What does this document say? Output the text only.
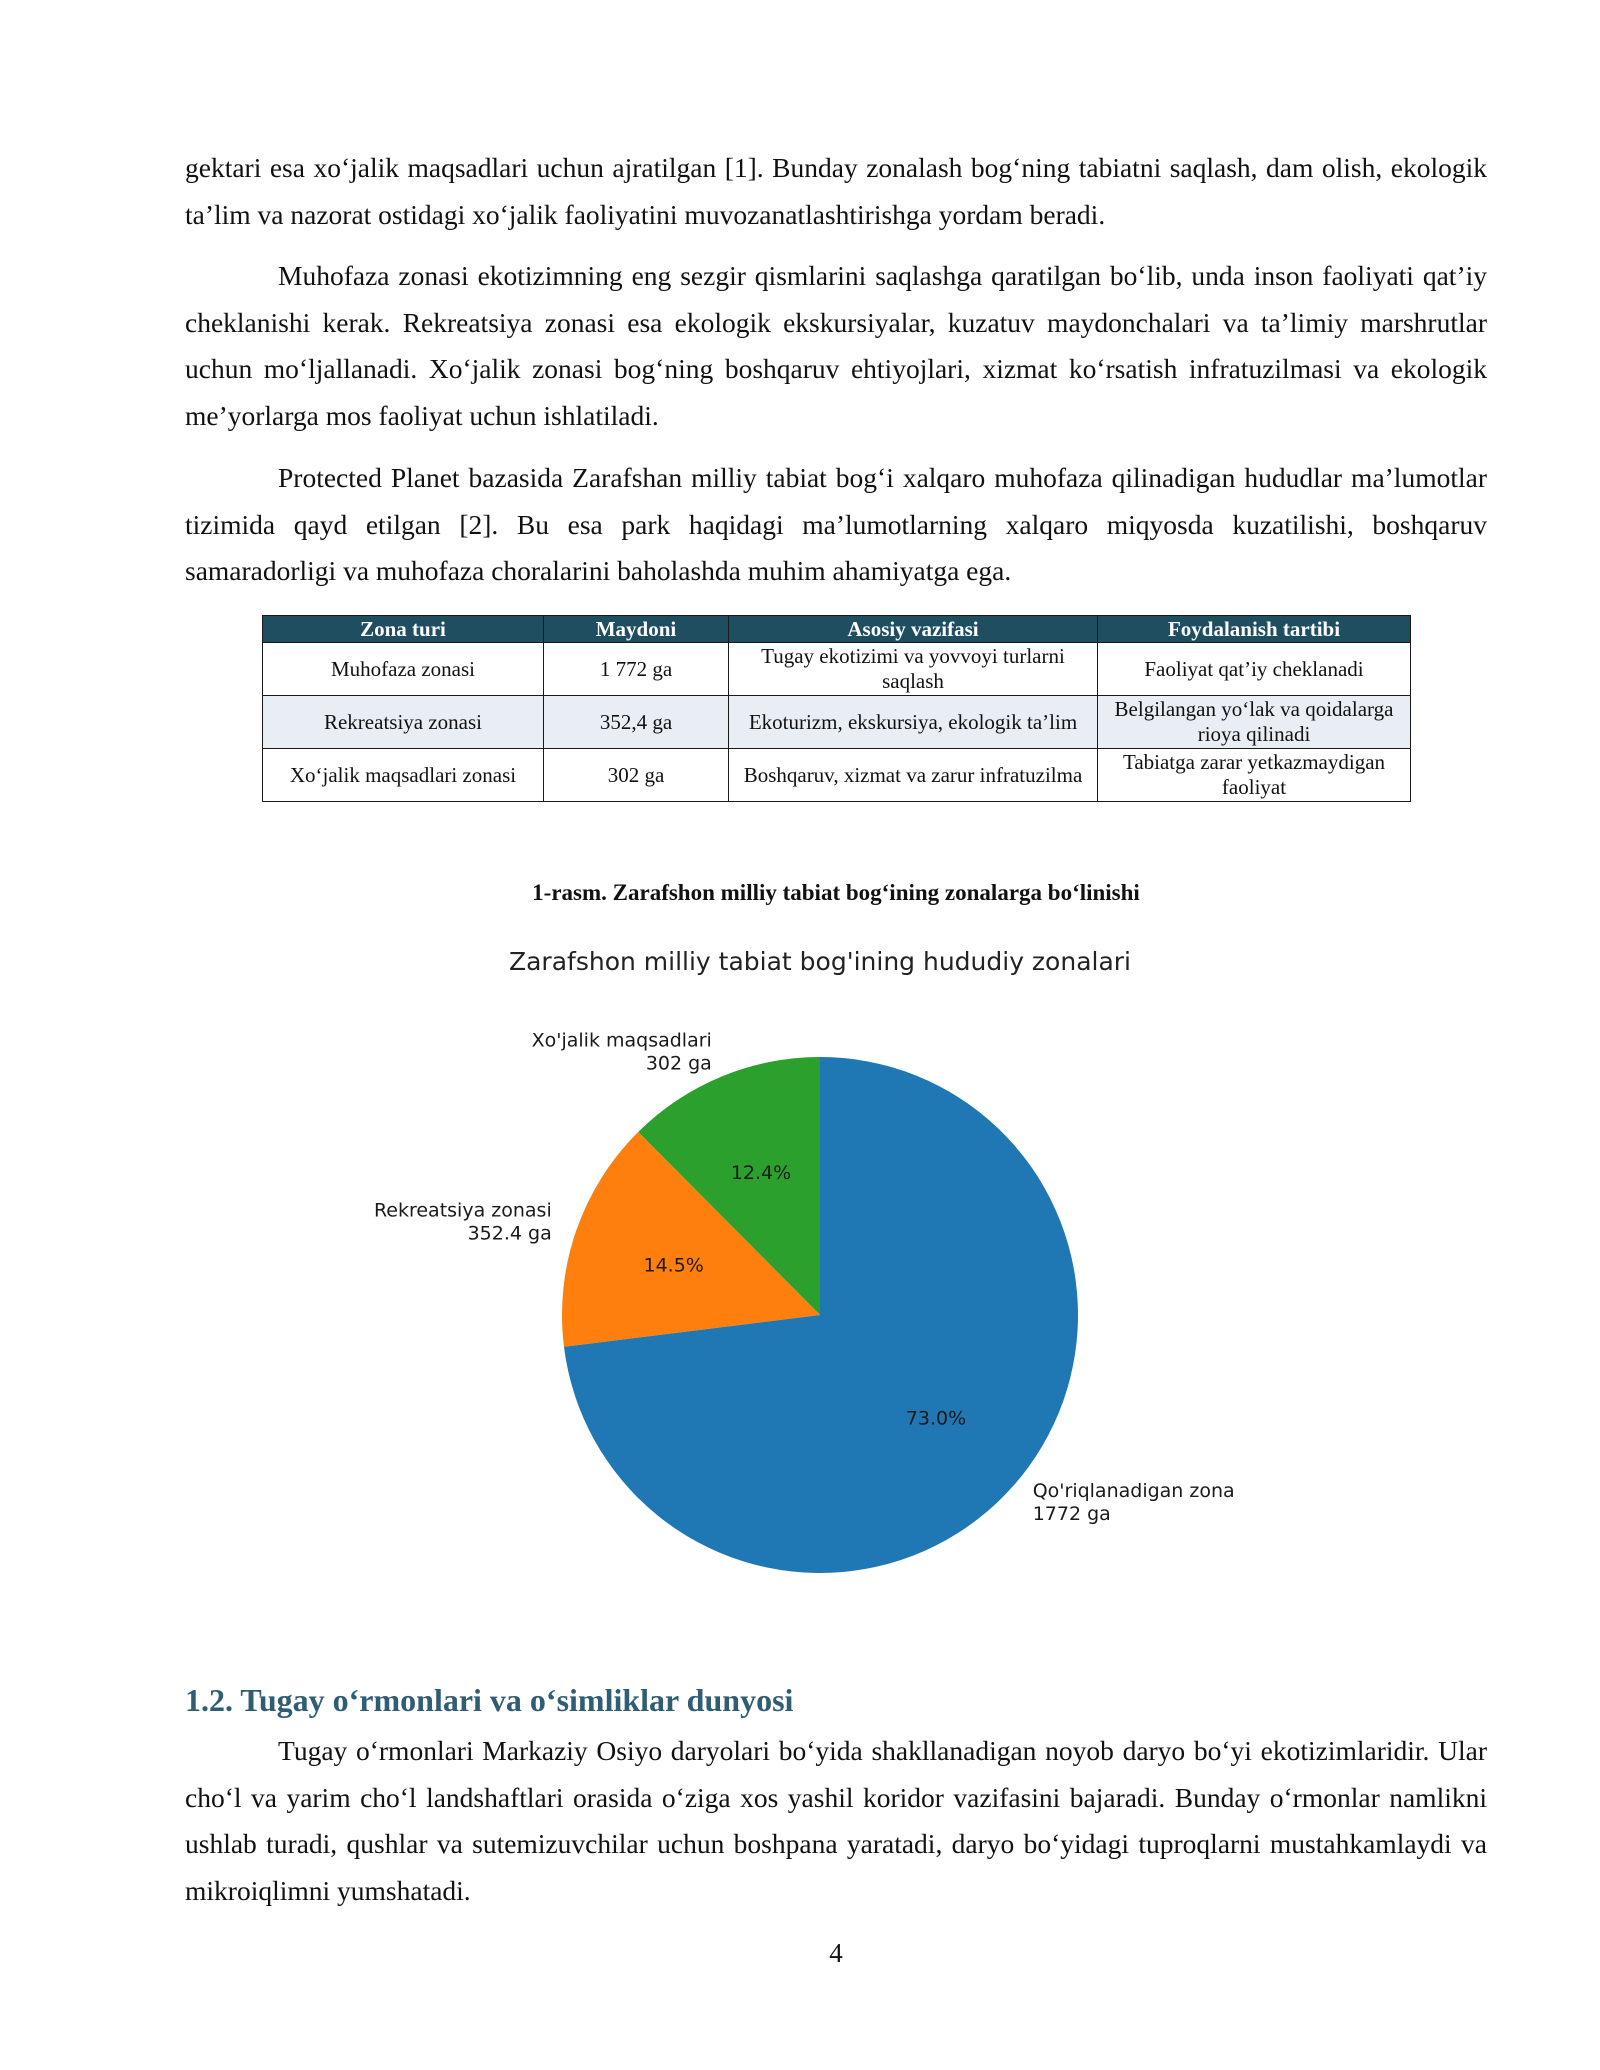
gektari esa xo‘jalik maqsadlari uchun ajratilgan [1]. Bunday zonalash bog‘ning tabiatni saqlash, dam olish, ekologik ta’lim va nazorat ostidagi xo‘jalik faoliyatini muvozanatlashtirishga yordam beradi.

Muhofaza zonasi ekotizimning eng sezgir qismlarini saqlashga qaratilgan bo‘lib, unda inson faoliyati qat’iy cheklanishi kerak. Rekreatsiya zonasi esa ekologik ekskursiyalar, kuzatuv maydonchalari va ta’limiy marshrutlar uchun mo‘ljallanadi. Xo‘jalik zonasi bog‘ning boshqaruv ehtiyojlari, xizmat ko‘rsatish infratuzilmasi va ekologik me’yorlarga mos faoliyat uchun ishlatiladi.

Protected Planet bazasida Zarafshan milliy tabiat bog‘i xalqaro muhofaza qilinadigan hududlar ma’lumotlar tizimida qayd etilgan [2]. Bu esa park haqidagi ma’lumotlarning xalqaro miqyosda kuzatilishi, boshqaruv samaradorligi va muhofaza choralarini baholashda muhim ahamiyatga ega.

Zona turi	Maydoni	Asosiy vazifasi	Foydalanish tartibi
Muhofaza zonasi	1 772 ga	Tugay ekotizimi va yovvoyi turlarni saqlash	Faoliyat qat’iy cheklanadi
Rekreatsiya zonasi	352,4 ga	Ekoturizm, ekskursiya, ekologik ta’lim	Belgilangan yo‘lak va qoidalarga rioya qilinadi
Xo‘jalik maqsadlari zonasi	302 ga	Boshqaruv, xizmat va zarur infratuzilma	Tabiatga zarar yetkazmaydigan faoliyat
1-rasm. Zarafshon milliy tabiat bog‘ining zonalarga bo‘linishi
Zarafshon milliy tabiat bog'ining hududiy zonalari
12.4%
Xo'jalik maqsadlari 302 ga
14.5%
Rekreatsiya zonasi 352.4 ga
73.0%
Qo'riqlanadigan zona 1772 ga
1.2. Tugay o‘rmonlari va o‘simliklar dunyosi

Tugay o‘rmonlari Markaziy Osiyo daryolari bo‘yida shakllanadigan noyob daryo bo‘yi ekotizimlaridir. Ular cho‘l va yarim cho‘l landshaftlari orasida o‘ziga xos yashil koridor vazifasini bajaradi. Bunday o‘rmonlar namlikni ushlab turadi, qushlar va sutemizuvchilar uchun boshpana yaratadi, daryo bo‘yidagi tuproqlarni mustahkamlaydi va mikroiqlimni yumshatadi.

4
